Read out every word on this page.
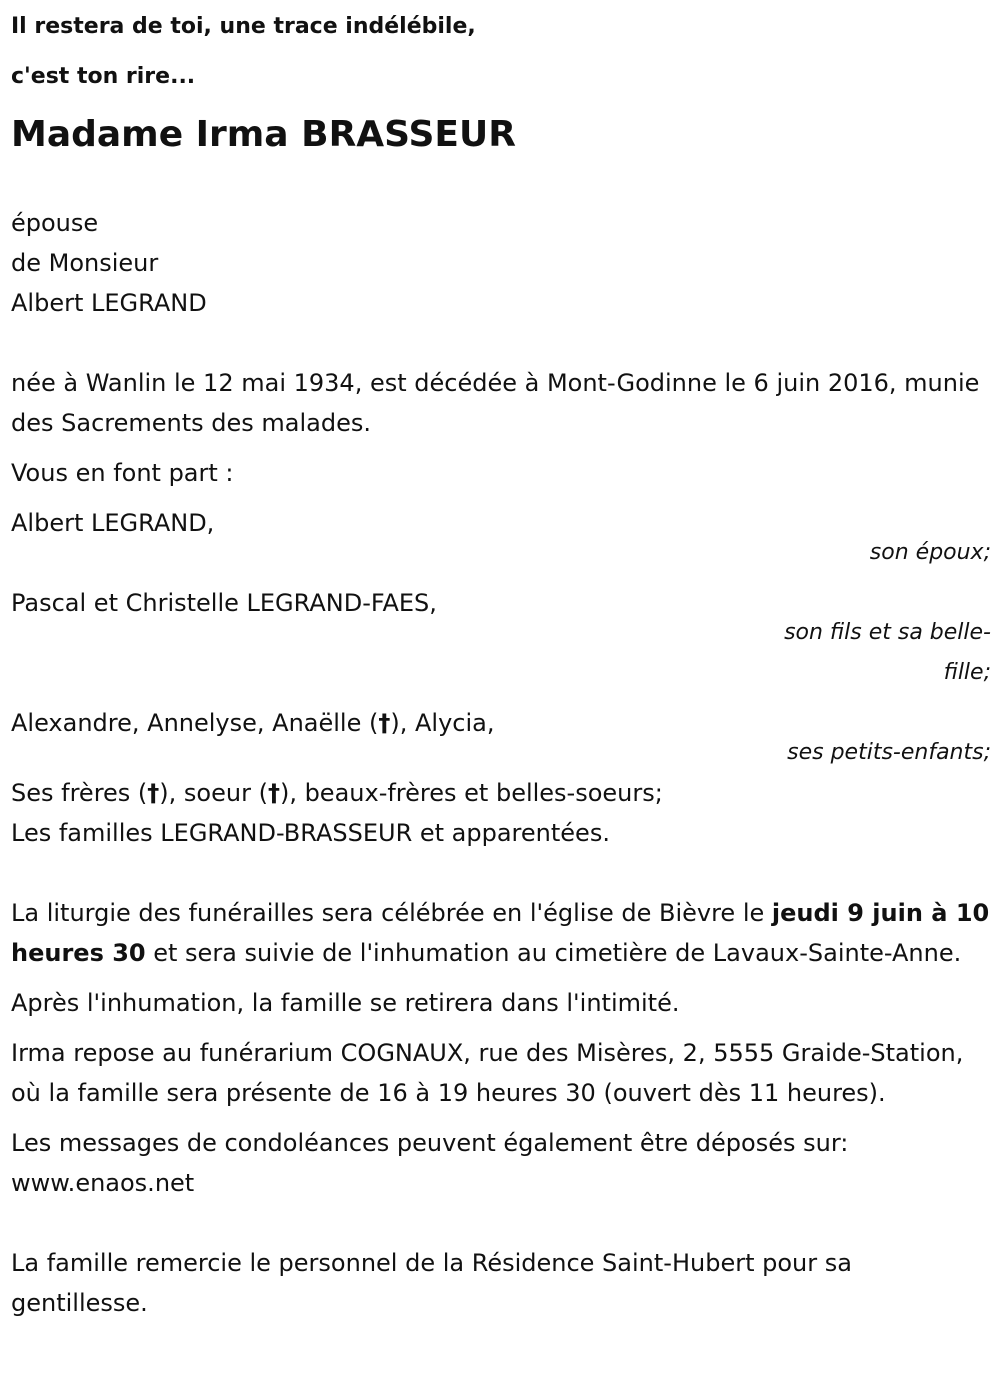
Il restera de toi, une trace indélébile,
c'est ton rire...
Madame Irma BRASSEUR
épouse
de Monsieur
Albert LEGRAND
née à Wanlin le 12 mai 1934, est décédée à Mont-Godinne le 6 juin 2016, munie des Sacrements des malades.
Vous en font part :
Albert LEGRAND,
son époux;
Pascal et Christelle LEGRAND-FAES,
son fils et sa belle-fille;
Alexandre, Annelyse, Anaëlle (†), Alycia,
ses petits-enfants;
Ses frères (†), soeur (†), beaux-frères et belles-soeurs;
Les familles LEGRAND-BRASSEUR et apparentées.
La liturgie des funérailles sera célébrée en l'église de Bièvre le jeudi 9 juin à 10 heures 30 et sera suivie de l'inhumation au cimetière de Lavaux-Sainte-Anne.
Après l'inhumation, la famille se retirera dans l'intimité.
Irma repose au funérarium COGNAUX, rue des Misères, 2, 5555 Graide-Station, où la famille sera présente de 16 à 19 heures 30 (ouvert dès 11 heures).
Les messages de condoléances peuvent également être déposés sur:
www.enaos.net
La famille remercie le personnel de la Résidence Saint-Hubert pour sa gentillesse.
